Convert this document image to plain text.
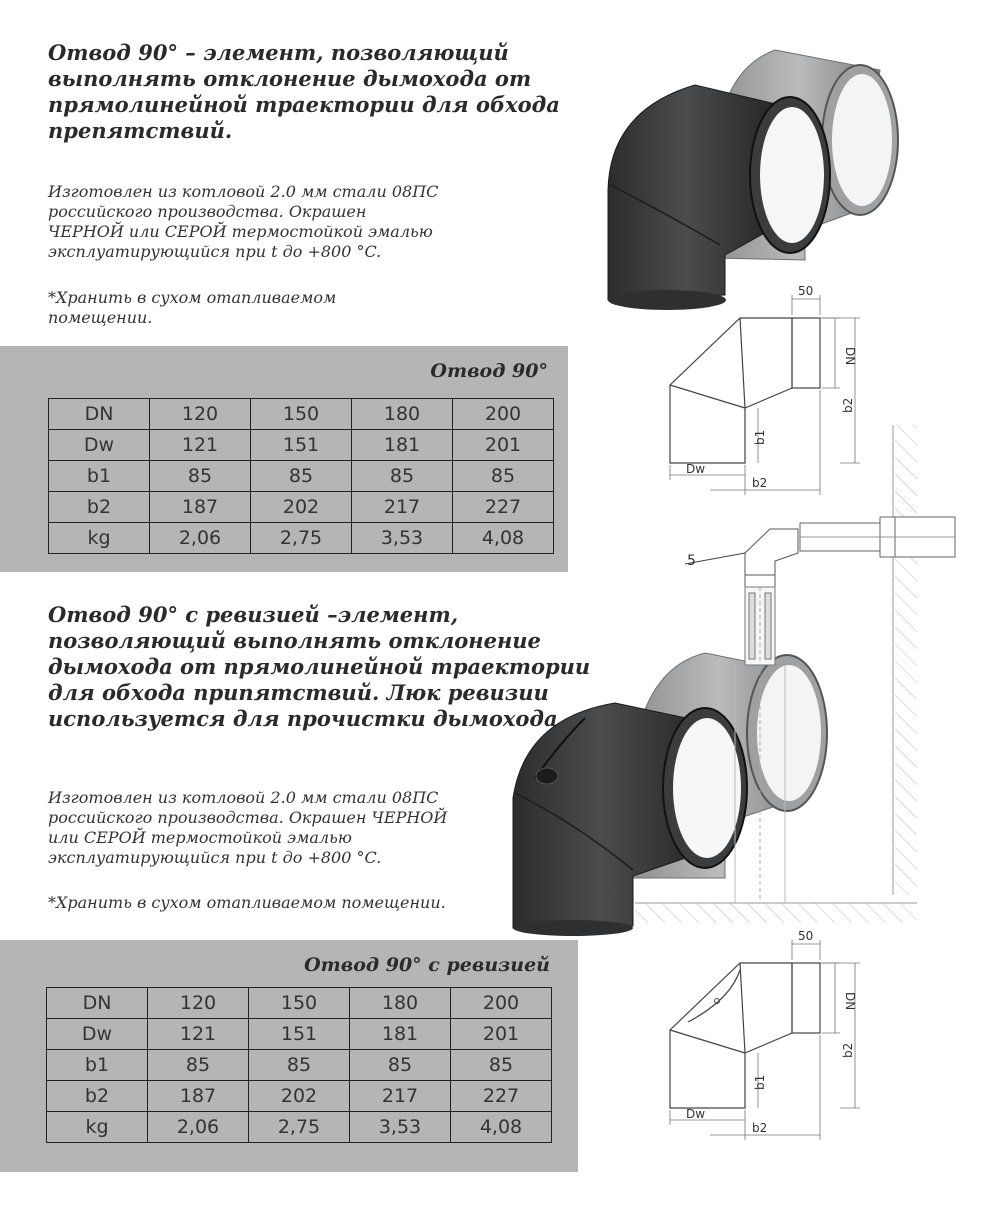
Отвод 90° – элемент, позволяющий

выполнять отклонение дымохода от

прямолинейной траектории для обхода

препятствий.

Изготовлен из котловой 2.0 мм стали 08ПС
российского производства. Окрашен
ЧЕРНОЙ или СЕРОЙ термостойкой эмалью
эксплуатирующийся при t до +800 °C.
*Хранить в сухом отапливаемом
помещении.
Отвод 90°
DN	120	150	180	200
Dw	121	151	181	201
b1	85	85	85	85
b2	187	202	217	227
kg	2,06	2,75	3,53	4,08

Отвод 90° с ревизией –элемент,

позволяющий выполнять отклонение

дымохода от прямолинейной траектории

для обхода припятствий. Люк ревизии

используется для прочистки дымохода.

Изготовлен из котловой 2.0 мм стали 08ПС
российского производства. Окрашен ЧЕРНОЙ
или СЕРОЙ термостойкой эмалью
эксплуатирующийся при t до +800 °C.
*Хранить в сухом отапливаемом помещении.
Отвод 90° с ревизией
DN	120	150	180	200
Dw	121	151	181	201
b1	85	85	85	85
b2	187	202	217	227
kg	2,06	2,75	3,53	4,08
50
DN
b2
b1
Dw
b2
5
50
DN
b2
b1
Dw
b2
